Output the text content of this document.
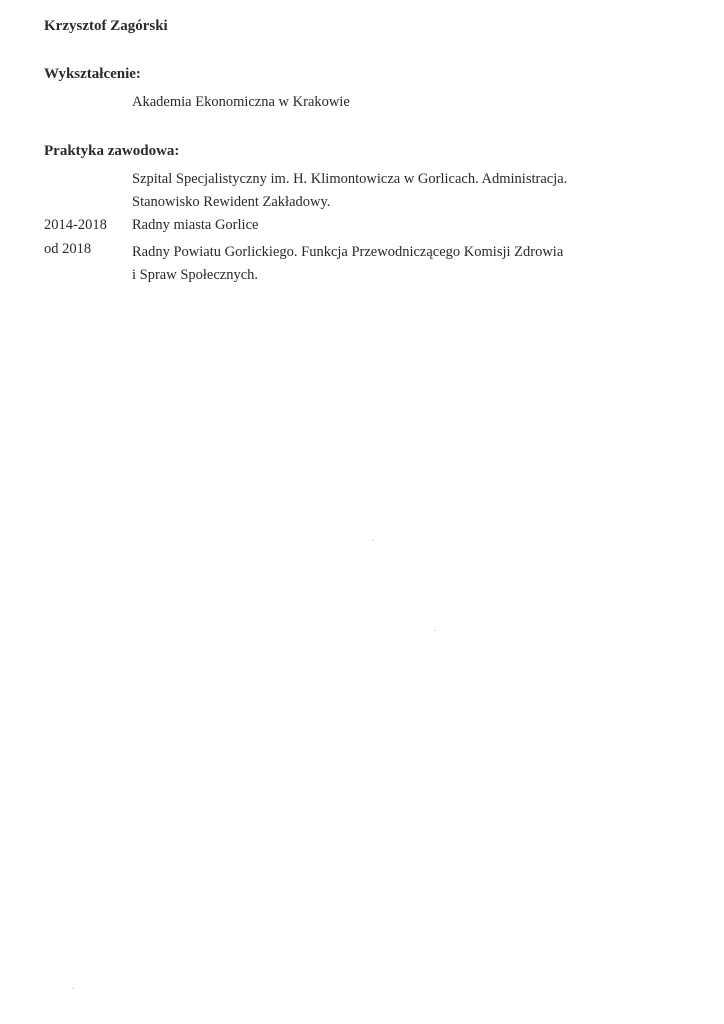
Krzysztof Zagórski
Wykształcenie:
Akademia Ekonomiczna w Krakowie
Praktyka zawodowa:
Szpital Specjalistyczny im. H. Klimontowicza w Gorlicach. Administracja.
Stanowisko Rewident Zakładowy.
2014-2018 Radny miasta Gorlice
od 2018	Radny Powiatu Gorlickiego. Funkcja Przewodniczącego Komisji Zdrowia
i Spraw Społecznych.
